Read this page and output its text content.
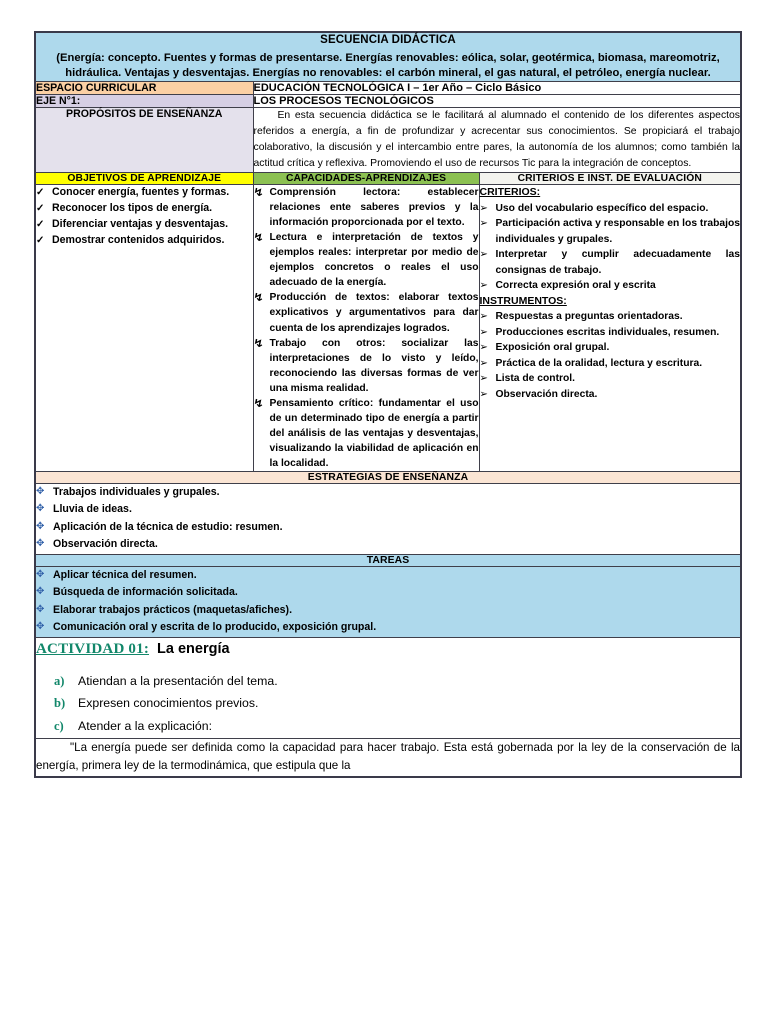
SECUENCIA DIDÁCTICA
(Energía: concepto. Fuentes y formas de presentarse. Energías renovables: eólica, solar, geotérmica, biomasa, mareomotriz, hidráulica. Ventajas y desventajas. Energías no renovables: el carbón mineral, el gas natural, el petróleo, energía nuclear.		

ESPACIO CURRICULAR	EDUCACIÓN TECNOLÓGICA I – 1er Año – Ciclo Básico	
EJE N°1:	LOS PROCESOS TECNOLÓGICOS	
PROPÓSITOS DE ENSEÑANZA	En esta secuencia didáctica se le facilitará al alumnado el contenido de los diferentes aspectos referidos a energía, a fin de profundizar y acrecentar sus conocimientos. Se propiciará el trabajo colaborativo, la discusión y el intercambio entre pares, la autonomía de los alumnos; como también la actitud crítica y reflexiva. Promoviendo el uso de recursos Tic para la integración de conceptos.	
OBJETIVOS DE APRENDIZAJE	CAPACIDADES-APRENDIZAJES	CRITERIOS E INST. DE EVALUACIÓN

✓ Conocer energía, fuentes y formas.
✓ Reconocer los tipos de energía.
✓ Diferenciar ventajas y desventajas.
✓ Demostrar contenidos adquiridos.

↯ Comprensión lectora: establecer relaciones ente saberes previos y la información proporcionada por el texto.
↯ Lectura e interpretación de textos y ejemplos reales: interpretar por medio de ejemplos concretos o reales el uso adecuado de la energía.
↯ Producción de textos: elaborar textos explicativos y argumentativos para dar cuenta de los aprendizajes logrados.
↯ Trabajo con otros: socializar las interpretaciones de lo visto y leído, reconociendo las diversas formas de ver una misma realidad.
↯ Pensamiento crítico: fundamentar el uso de un determinado tipo de energía a partir del análisis de las ventajas y desventajas, visualizando la viabilidad de aplicación en la localidad.

CRITERIOS:
➢ Uso del vocabulario específico del espacio.
➢ Participación activa y responsable en los trabajos individuales y grupales.
➢ Interpretar y cumplir adecuadamente las consignas de trabajo.
➢ Correcta expresión oral y escrita
INSTRUMENTOS:
➢ Respuestas a preguntas orientadoras.
➢ Producciones escritas individuales, resumen.
➢ Exposición oral grupal.
➢ Práctica de la oralidad, lectura y escritura.
➢ Lista de control.
➢ Observación directa.

ESTRATEGIAS DE ENSEÑANZA		

✥ Trabajos individuales y grupales.
✥ Lluvia de ideas.
✥ Aplicación de la técnica de estudio: resumen.
✥ Observación directa.

TAREAS		

✥ Aplicar técnica del resumen.
✥ Búsqueda de información solicitada.
✥ Elaborar trabajos prácticos (maquetas/afiches).
✥ Comunicación oral y escrita de lo producido, exposición grupal.

ACTIVIDAD 01: La energía
a) Atiendan a la presentación del tema.
b) Expresen conocimientos previos.
c) Atender a la explicación:

"La energía puede ser definida como la capacidad para hacer trabajo. Esta está gobernada por la ley de la conservación de la energía, primera ley de la termodinámica, que estipula que la		
